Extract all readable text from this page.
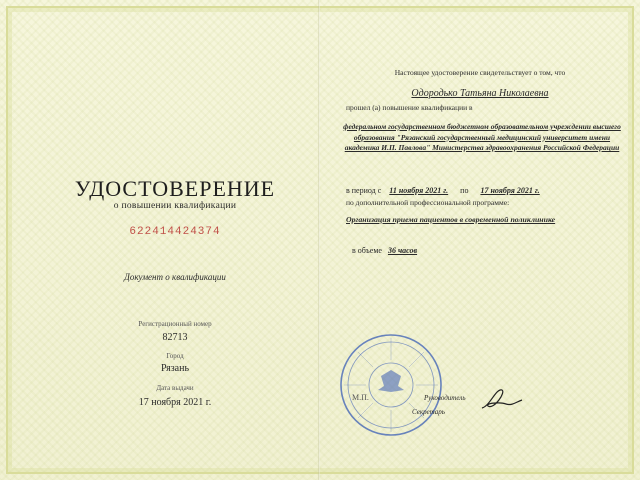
УДОСТОВЕРЕНИЕ
о повышении квалификации
622414424374
Документ о квалификации
Регистрационный номер
82713
Город
Рязань
Дата выдачи
17 ноября 2021 г.
Настоящее удостоверение свидетельствует о том, что
Одородько Татьяна Николаевна
прошел (а) повышение квалификации в
федеральном государственном бюджетном образовательном учреждении высшего образования "Рязанский государственный медицинский университет имени академика И.П. Павлова" Министерства здравоохранения Российской Федерации
в период с 11 ноября 2021 г. по 17 ноября 2021 г.
по дополнительной профессиональной программе:
Организация приема пациентов в современной поликлинике
в объеме 36 часов
М.П.	Руководитель
Секретарь
